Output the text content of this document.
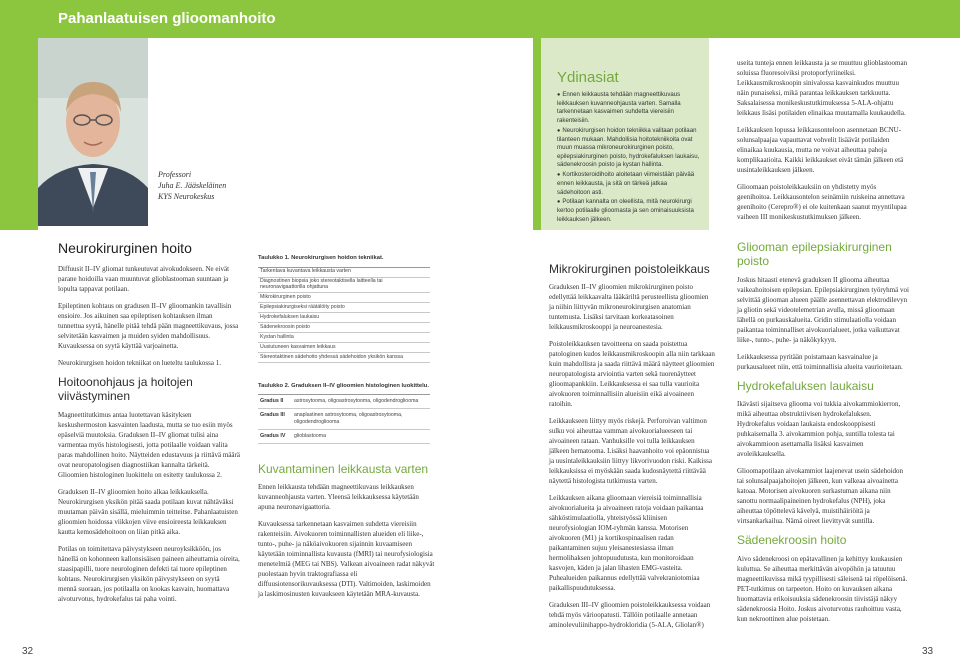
Pahanlaatuisen glioomanhoito
Professori
Juha E. Jääskeläinen
KYS Neurokeskus
Ydinasiat
● Ennen leikkausta tehdään magneettikuvaus leikkauksen kuvanneohjausta varten. Samalla tarkennetaan kasvaimen suhdetta viereisiin rakenteisiin.
● Neurokirurgisen hoidon tekniikka valitaan potilaan tilanteen mukaan. Mahdollisia hoitotekniikoita ovat muun muassa mikroneurokirurginen poisto, epilepsiakirurginen poisto, hydrokefaluksen laukaisu, sädenekroosin poisto ja kystan hallinta.
● Kortikosteroidihoito aloitetaan viimeistään päivää ennen leikkausta, ja sitä on tärkeä jatkaa sädehoitoon asti.
● Potilaan kannalta on oleellista, mitä neurokirurgi kertoo potilaalle glioomasta ja sen ominaisuuksista leikkauksen jälkeen.
Neurokirurginen hoito

Diffuusit II–IV gliomat tunkeutuvat aivokudokseen. Ne eivät parane hoidoilla vaan muuntuvat glioblastooman suuntaan ja lopulta tappavat potilaan.

Epileptinen kohtaus on gradusen II–IV glioomankin tavallisin ensioire. Jos aikuinen saa epileptisen kohtauksen ilman tunnettua syytä, hänelle pitää tehdä pään magneettikuvaus, jossa selvitetään kasvaimen ja muiden syiden mahdollisuus. Kuvauksessa on syytä käyttää varjoainetta.

Neurokirurgisen hoidon tekniikat on lueteltu taulukossa 1.

Hoitoonohjaus ja hoitojen viivästyminen

Magneettitutkimus antaa luotettavan käsityksen keskushermoston kasvainten laadusta, mutta se tuo esiin myös epäselviä muutoksia. Graduksen II–IV gliomat tulisi aina varmentaa myös histologisesti, jotta potilaalle voidaan valita paras mahdollinen hoito. Näytteiden edustavuus ja riittävä määrä ovat neuropatologisen diagnostiikan kannalta tärkeitä. Glioomien histologinen luokittelu on esitetty taulukossa 2.

Graduksen II–IV glioomien hoito alkaa leikkauksella. Neurokirurgisen yksikön pitää saada potilaan kuvat nähtäväksi muutaman päivän sisällä, mieluimmin teitteitse. Pahanlaatuisten glioomien hoidossa viikkojen viive ensioireesta leikkauksen kautta kemosädehoitoon on liian pitkä aika.

Potilas on toimitettava päivystykseen neuroyksikköön, jos hänellä on kohonneen kallonsisäisen paineen aiheuttamia oireita, staasipapilli, tuore neurologinen defekti tai tuore epileptinen kohtaus. Neurokirurgisen yksikön päivystykseen on syytä mennä suoraan, jos potilaalla on kookas kasvain, huomattava aivoturvotus, hydrokefalus tai paha vointi.

Taulukko 1. Neurokirurgisen hoidon tekniikat.
Tarkentava kuvantava leikkausta varten
Diagnostinen biopsia joko stereotaktisella laitteella tai neuronavigaattorilla ohjattuna
Mikrokirurginen poisto
Epilepsiakirurgiseksi räätälöity poisto
Hydrokefaluksen laukaisu
Sädenekroosin poisto
Kystan hallinta
Uusiutuneen kasvaimen leikkaus
Stereotaktinen sädehoito yhdessä sädehoidon yksikön kanssa
Taulukko 2. Graduksen II–IV glioomien histologinen luokittelu.
Gradus II	astrosytooma, oligoastrosytooma, oligodendrogliooma
Gradus III	anaplastinen astrosytooma, oligoastrosytooma, oligodendrogliooma
Gradus IV	glioblastooma
Kuvantaminen leikkausta varten

Ennen leikkausta tehdään magneettikuvaus leikkauksen kuvanneohjausta varten. Yleensä leikkauksessa käytetään apuna neuronavigaattoria.

Kuvauksessa tarkennetaan kasvaimen suhdetta viereisiin rakenteisiin. Aivokuoren toiminnallisten alueiden eli liike-, tunto-, puhe- ja näköaivokuoren sijainnin kuvaamiseen käytetään toiminnallista kuvausta (fMRI) tai neurofysiologisia menetelmiä (MEG tai NBS). Valkean aivoaineen radat näkyvät puolestaan hyvin traktografiassa eli diffuusiotensorikuvauksessa (DTI). Valtimoiden, laskimoiden ja laskimosinusten kuvaukseen käytetään MRA-kuvausta.

Mikrokirurginen poistoleikkaus

Graduksen II–IV glioomien mikrokirurginen poisto edellyttää leikkaavalta lääkäriltä perusteellista glioomien ja niihin liittyvän mikroneurokirurgisen anatomian tuntemusta. Lisäksi tarvitaan korkeatasoinen leikkausmikroskooppi ja neuroanestesia.

Poistoleikkauksen tavoitteena on saada poistettua patologinen kudos leikkausmikroskoopin alla niin tarkkaan kuin mahdollista ja saada riittävä määrä näytteet glioomien neuropatologista arviointia varten sekä tuorenäytteet glioomapankkiin. Leikkauksessa ei saa tulla vaurioita aivokuoren toiminnallisiin alueisiin eikä aivoaineen ratoihin.

Leikkaukseen liittyy myös riskejä. Perforoivan valtimon sulku voi aiheuttaa vamman aivokuorialueeseen tai aivoaineen rataan. Vanhuksille voi tulla leikkauksen jälkeen hematooma. Lisäksi haavanhoito voi epäonnistua ja uusintaleikkauksiin liittyy likvorivuodon riski. Kaikissa leikkauksissa ei myöskään saada kudosnäytettä riittävää näytettä histologista tutkimusta varten.

Leikkauksen aikana glioomaan viereisiä toiminnallisia aivokuorialueita ja aivoaineen ratoja voidaan paikantaa sähköstimulaatiolla, yhteistyössä kliinisen neurofysiologian IOM-ryhmän kanssa. Motorisen aivokuoren (M1) ja kortikospinaalisen radan paikantaminen sujuu yleisanestesiassa ilman hermolihaksen johtopuudutusta, kun monitoroidaan kasvojen, käden ja jalan lihasten EMG-vasteita. Puhealueiden paikannus edellyttää valvekraniotomiaa paikallispuudutuksessa.

Graduksen III–IV glioomien poistoleikkauksessa voidaan tehdä myös värioopatusti. Tällöin potilaalle annetaan aminolevuliinihappo-hydrokloridia (5-ALA, Gliolan®)

useita tunteja ennen leikkausta ja se muuttuu glioblastooman soluissa fluoresoiviksi protoporfyriineiksi. Leikkausmikroskoopin sinivalossa kasvainkudos muuttuu näin punaiseksi, mikä parantaa leikkauksen tarkkuutta. Saksalaisessa monikeskustutkimuksessa 5-ALA-ohjattu leikkaus lisäsi potilaiden elinaikaa muutamalla kuukaudella.

Leikkauksen lopussa leikkausonteloon asennetaan BCNU-solunsalpaajaa vapauttavat vohvelit lisäävät potilaiden elinaikaa kuukausia, mutta ne voivat aiheuttaa pahoja komplikaatioita. Kaikki leikkaukset eivät tämän jälkeen etä uusintaleikkauksen jälkeen.

Glioomaan poistoleikkauksiin on yhdistetty myös geenihoitoa. Leikkausontelon seinämiin ruiskeina annettava geenihoito (Cerepro®) ei ole kuitenkaan saanut myyntilupaa vaiheen III monikeskustutkimuksen jälkeen.

Gliooman epilepsiakirurginen poisto

Joskus hitaasti etenevä graduksen II gliooma aiheuttaa vaikeahoitoisen epilepsian. Epilepsiakirurginen työryhmä voi selvittää gliooman alueen päälle asennettavan elektrodilevyn ja gliotin sekä videotelemetrian avulla, missä glioomaan lähellä on purkauskalueita. Gridin stimulaatiolla voidaan paikantaa toiminnalliset aivokuorialueet, jotka vaikuttavat liike-, tunto-, puhe- ja näkökykyyn.

Leikkauksessa pyritään poistamaan kasvainalue ja purkausalueet niin, että toiminnallisia alueita vaurioitetaan.

Hydrokefaluksen laukaisu

Ikävästi sijaitseva gliooma voi tukkia aivokammiokierron, mikä aiheuttaa obstruktiivisen hydrokefaluksen. Hydrokefalus voidaan laukaista endoskooppisesti puhkaisemalla 3. aivokammion pohja, suntilla tolesta tai aivokammioon asettamalla lisäksi kasvaimen avoleikkauksella.

Glioomapotilaan aivokammiot laajenevat usein sädehoidon tai solunsalpaajahoitojen jälkeen, kun valkeaa aivoainetta katoaa. Motorisen aivokuoren surkastuman aikana niin sanottu normaalipaineinen hydrokefalus (NPH), joka aiheuttaa töpöttelevä kävelyä, muistihäiriöitä ja virtsankarkailua. Nämä oireet lievittyvät suntilla.

Sädenekroosin hoito

Aivo sädenekroosi on epätavallinen ja kehittyy kuukausien kuluttua. Se aiheuttaa merkittävän aivopöhön ja tatuutuu magneettikuvissa mikä tyypillisesti säleisenä tai röpelöisenä. PET-tutkimus on tarpeeton. Hoito on kuvauksen aikana huomattavia erikoisuuksia sädenekroosin tiivistäjä näkyy sädenekroosia Hoito. Joskus aivoturvotus rauhoittuu vasta, kun nekroottinen alue poistetaan.

32	33
